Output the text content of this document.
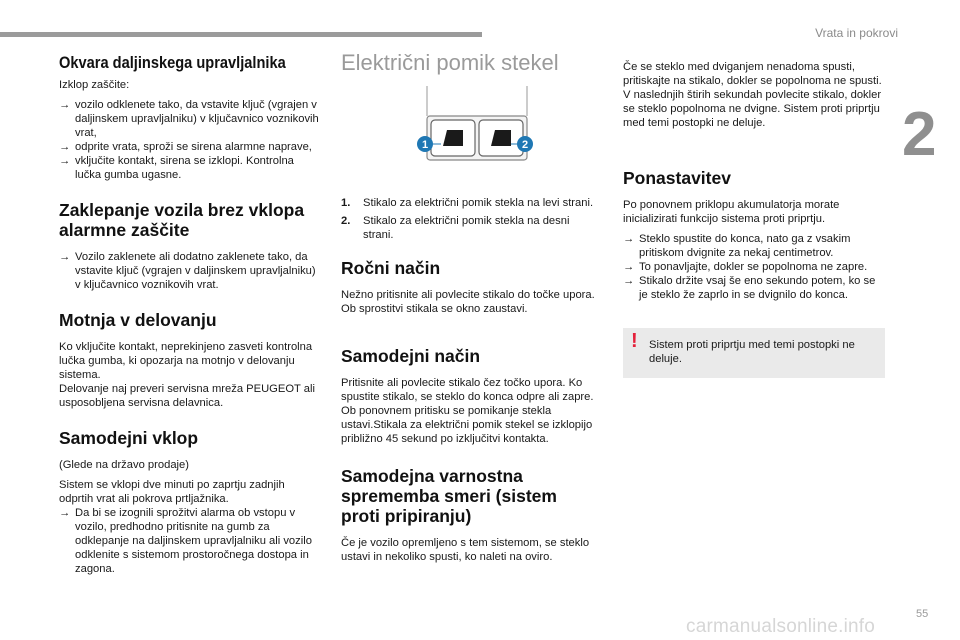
Vrata in pokrovi
2
55
carmanualsonline.info
Okvara daljinskega upravljalnika

Izklop zaščite:

→ vozilo odklenete tako, da vstavite ključ (vgrajen v daljinskem upravljalniku) v ključavnico voznikovih vrat,
→ odprite vrata, sproži se sirena alarmne naprave,
→ vključite kontakt, sirena se izklopi. Kontrolna lučka gumba ugasne.
Zaklepanje vozila brez vklopa alarmne zaščite
→ Vozilo zaklenete ali dodatno zaklenete tako, da vstavite ključ (vgrajen v daljinskem upravljalniku) v ključavnico voznikovih vrat.
Motnja v delovanju

Ko vključite kontakt, neprekinjeno zasveti kontrolna lučka gumba, ki opozarja na motnjo v delovanju sistema.

Delovanje naj preveri servisna mreža PEUGEOT ali usposobljena servisna delavnica.

Samodejni vklop

(Glede na državo prodaje)

Sistem se vklopi dve minuti po zaprtju zadnjih odprtih vrat ali pokrova prtljažnika.

→ Da bi se izognili sprožitvi alarma ob vstopu v vozilo, predhodno pritisnite na gumb za odklepanje na daljinskem upravljalniku ali vozilo odklenite s sistemom prostoročnega dostopa in zagona.
Električni pomik stekel
1	2
1. Stikalo za električni pomik stekla na levi strani.
2. Stikalo za električni pomik stekla na desni strani.
Ročni način

Nežno pritisnite ali povlecite stikalo do točke upora. Ob sprostitvi stikala se okno zaustavi.

Samodejni način

Pritisnite ali povlecite stikalo čez točko upora. Ko spustite stikalo, se steklo do konca odpre ali zapre. Ob ponovnem pritisku se pomikanje stekla ustavi.Stikala za električni pomik stekel se izklopijo približno 45 sekund po izključitvi kontakta.

Samodejna varnostna sprememba smeri (sistem proti pripiranju)

Če je vozilo opremljeno s tem sistemom, se steklo ustavi in nekoliko spusti, ko naleti na oviro.

Če se steklo med dviganjem nenadoma spusti, pritiskajte na stikalo, dokler se popolnoma ne spusti. V naslednjih štirih sekundah povlecite stikalo, dokler se steklo popolnoma ne dvigne. Sistem proti priprtju med temi postopki ne deluje.

Ponastavitev

Po ponovnem priklopu akumulatorja morate inicializirati funkcijo sistema proti priprtju.

→ Steklo spustite do konca, nato ga z vsakim pritiskom dvignite za nekaj centimetrov.
→ To ponavljajte, dokler se popolnoma ne zapre.
→ Stikalo držite vsaj še eno sekundo potem, ko se je steklo že zaprlo in se dvignilo do konca.
! Sistem proti priprtju med temi postopki ne deluje.
